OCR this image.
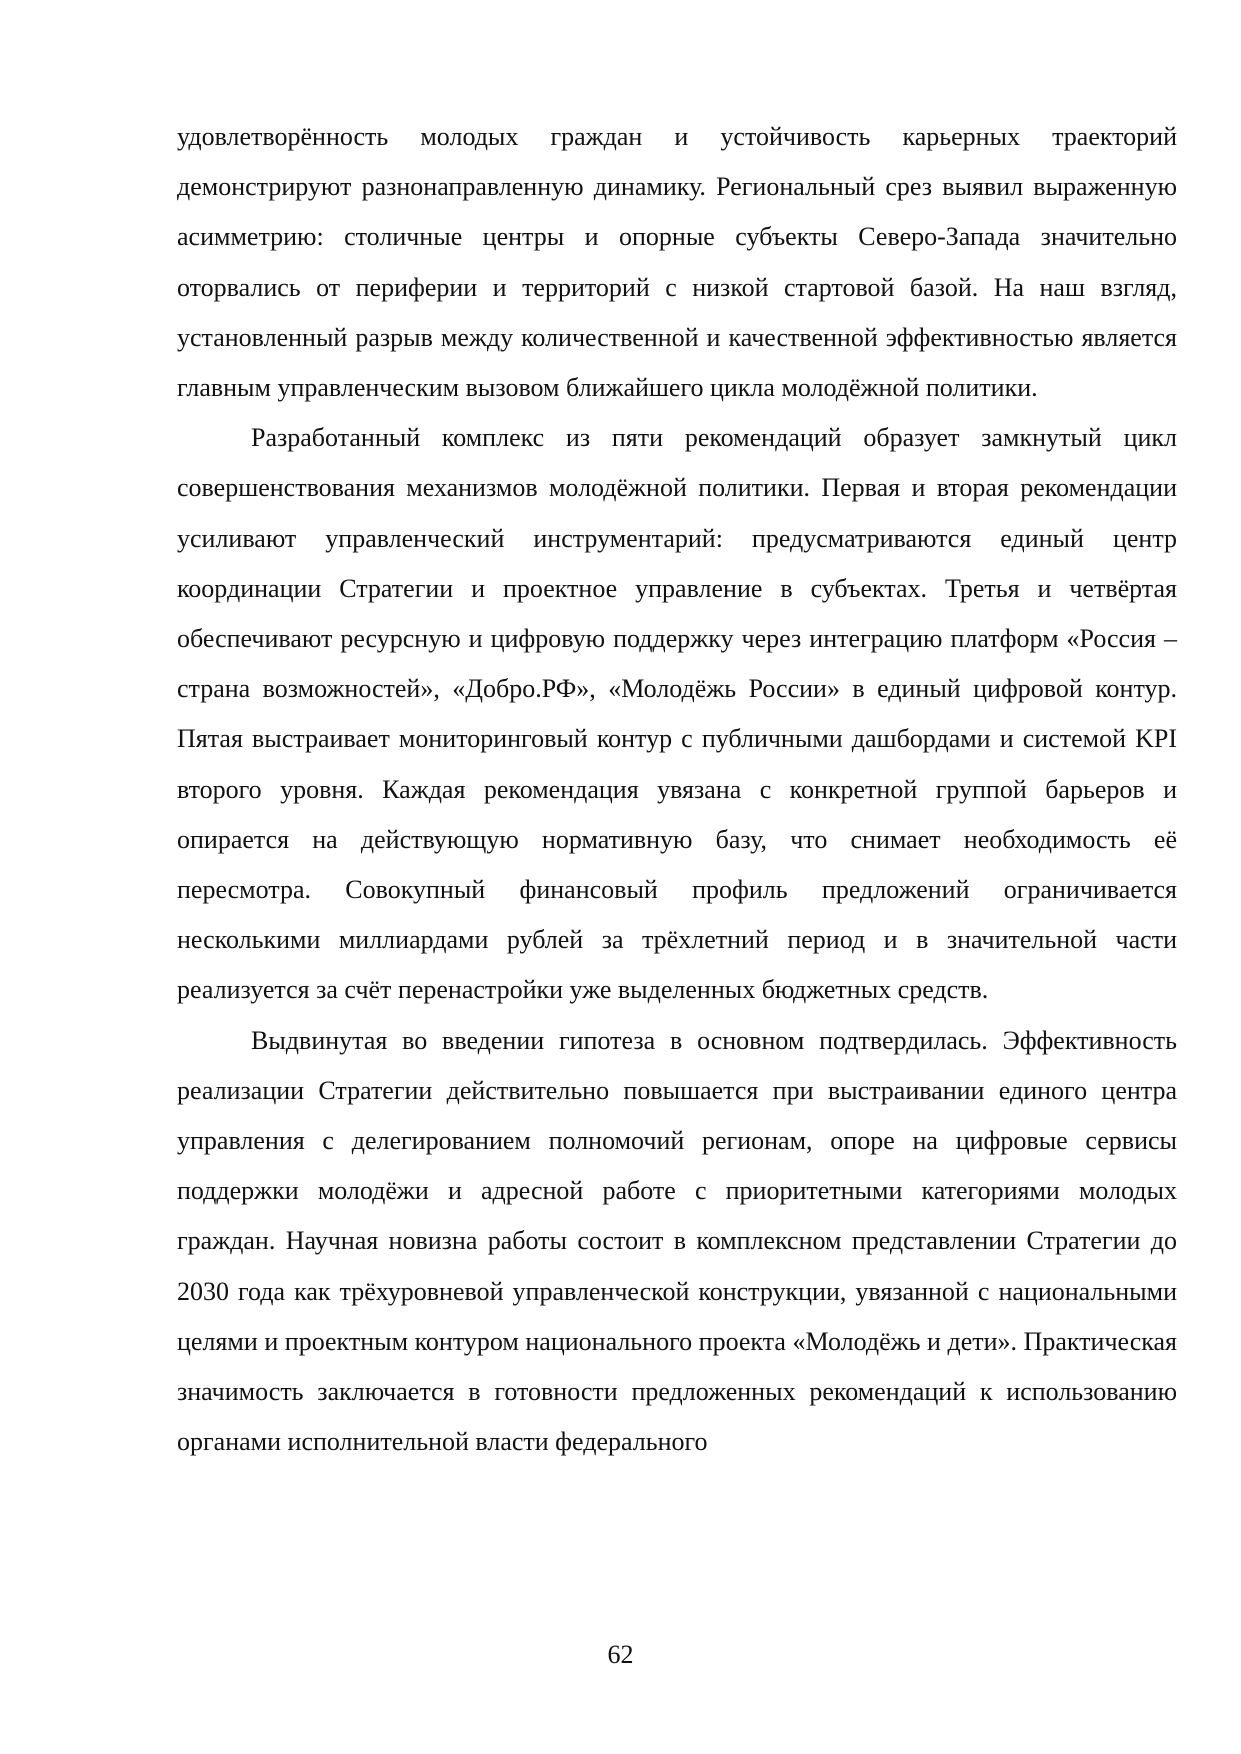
удовлетворённость молодых граждан и устойчивость карьерных траекторий демонстрируют разнонаправленную динамику. Региональный срез выявил выраженную асимметрию: столичные центры и опорные субъекты Северо-Запада значительно оторвались от периферии и территорий с низкой стартовой базой. На наш взгляд, установленный разрыв между количественной и качественной эффективностью является главным управленческим вызовом ближайшего цикла молодёжной политики.

Разработанный комплекс из пяти рекомендаций образует замкнутый цикл совершенствования механизмов молодёжной политики. Первая и вторая рекомендации усиливают управленческий инструментарий: предусматриваются единый центр координации Стратегии и проектное управление в субъектах. Третья и четвёртая обеспечивают ресурсную и цифровую поддержку через интеграцию платформ «Россия – страна возможностей», «Добро.РФ», «Молодёжь России» в единый цифровой контур. Пятая выстраивает мониторинговый контур с публичными дашбордами и системой KPI второго уровня. Каждая рекомендация увязана с конкретной группой барьеров и опирается на действующую нормативную базу, что снимает необходимость её пересмотра. Совокупный финансовый профиль предложений ограничивается несколькими миллиардами рублей за трёхлетний период и в значительной части реализуется за счёт перенастройки уже выделенных бюджетных средств.

Выдвинутая во введении гипотеза в основном подтвердилась. Эффективность реализации Стратегии действительно повышается при выстраивании единого центра управления с делегированием полномочий регионам, опоре на цифровые сервисы поддержки молодёжи и адресной работе с приоритетными категориями молодых граждан. Научная новизна работы состоит в комплексном представлении Стратегии до 2030 года как трёхуровневой управленческой конструкции, увязанной с национальными целями и проектным контуром национального проекта «Молодёжь и дети». Практическая значимость заключается в готовности предложенных рекомендаций к использованию органами исполнительной власти федерального

62
